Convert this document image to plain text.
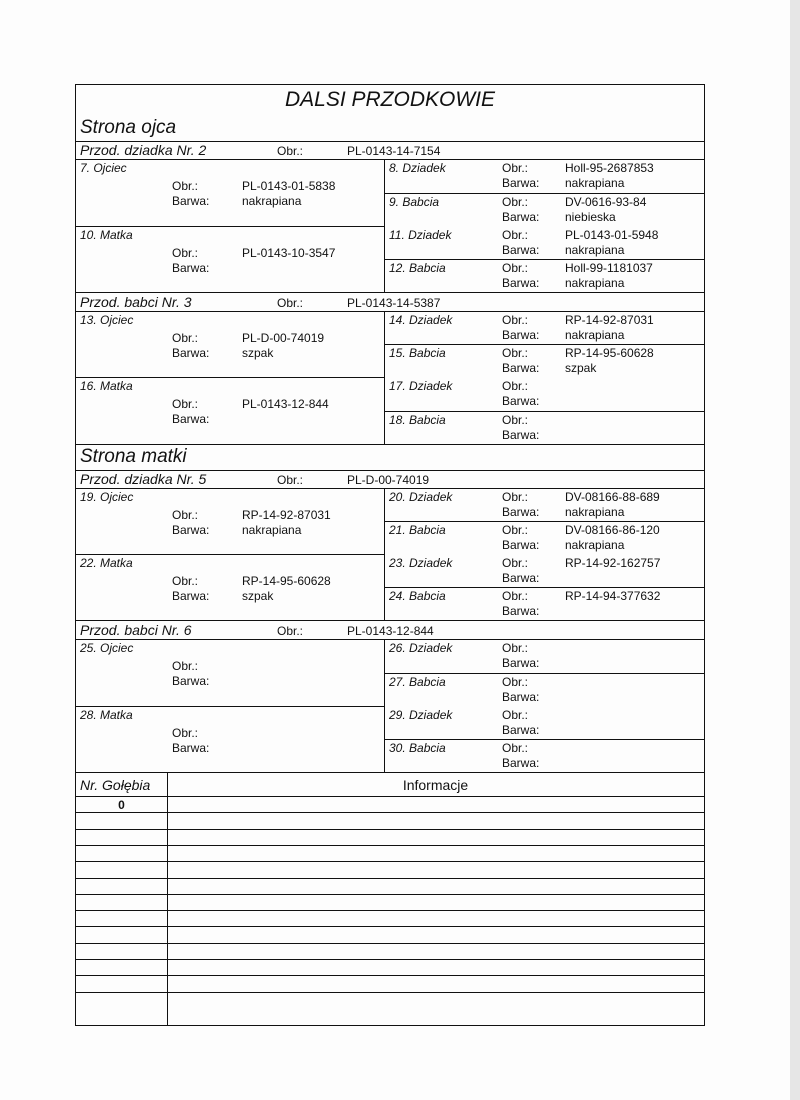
DALSI PRZODKOWIE
Strona ojca
Przod. dziadka Nr. 2	Obr.:	PL-0143-14-7154
7. Ojciec
Obr.:	PL-0143-01-5838
Barwa:	nakrapiana
10. Matka
Obr.:	PL-0143-10-3547
Barwa:
8. Dziadek	Obr.:	Holl-95-2687853
Barwa: nakrapiana
9. Babcia	Obr.:	DV-0616-93-84
Barwa: niebieska
11. Dziadek	Obr.:	PL-0143-01-5948
Barwa: nakrapiana
12. Babcia	Obr.:	Holl-99-1181037
Barwa: nakrapiana
Przod. babci Nr. 3	Obr.:	PL-0143-14-5387
13. Ojciec
Obr.:	PL-D-00-74019
Barwa:	szpak
16. Matka
Obr.:	PL-0143-12-844
Barwa:
14. Dziadek	Obr.:	RP-14-92-87031
Barwa: nakrapiana
15. Babcia	Obr.:	RP-14-95-60628
Barwa: szpak
17. Dziadek	Obr.:
Barwa:
18. Babcia	Obr.:
Barwa:
Strona matki
Przod. dziadka Nr. 5	Obr.:	PL-D-00-74019
19. Ojciec
Obr.:	RP-14-92-87031
Barwa:	nakrapiana
22. Matka
Obr.:	RP-14-95-60628
Barwa:	szpak
20. Dziadek	Obr.:	DV-08166-88-689
Barwa: nakrapiana
21. Babcia	Obr.:	DV-08166-86-120
Barwa: nakrapiana
23. Dziadek	Obr.:	RP-14-92-162757
Barwa:
24. Babcia	Obr.:	RP-14-94-377632
Barwa:
Przod. babci Nr. 6	Obr.:	PL-0143-12-844
25. Ojciec
Obr.:
Barwa:
28. Matka
Obr.:
Barwa:
26. Dziadek	Obr.:
Barwa:
27. Babcia	Obr.:
Barwa:
29. Dziadek	Obr.:
Barwa:
30. Babcia	Obr.:
Barwa:
Nr. Gołębia	Informacje
0
